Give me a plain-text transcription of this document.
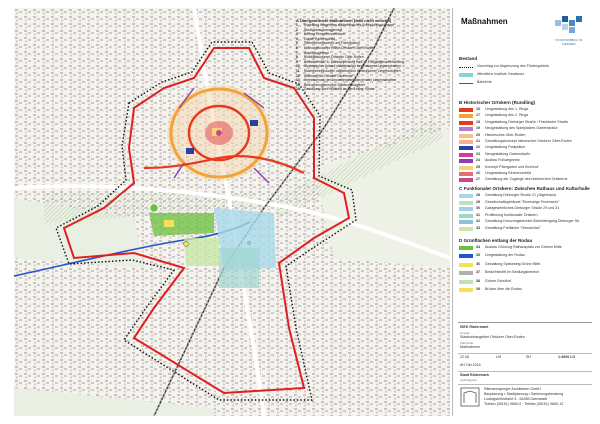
A Übergeordnete Maßnahmen (falls nicht verortet)
1 Erstellung integriertes städtebauliches Entwicklungskonzept
2 Stadtumbaumanagement
3 Beitrag Kompetenzzentrum
4 Lokale Partnerschaft
5 Öffentlichkeitsarbeit und Partizipation
6 Nutzungskonzept Plätze Ortskern Ober-Roden
7 Anreizprogramm
8 Mobilitätskonzept Ortskern Ober-Roden
9 Bedarfsermittl. u. Standortprüfung Rad- u. Fußgängerunterführung
10 Strategischer Ankauf städtebaulich bedeutsamer Liegenschaften
11 Machbarkeitsstudien städtebaulich bedeutsamer Liegenschaften
12 Stärkung der Lokalen Ökonomie
13 Verbesserung der Umweltergebnisse privater Liegenschaften
14 Beleuchtungskonzept Stadtumbaugebiet
15 Gestaltung der Freifläche an der Evang. Kirche
Maßnahmen
STADTUMBAU IN HESSEN
Bestand
Vorschlag zur Abgrenzung des Fördergebiets
öffentliche Institute Gewässer
Bahnlinie
B Historischer Ortskern (Rundling)
16 Umgestaltung des 1. Rings
17 Umgestaltung des 2. Rings
18 Umgestaltung Dieburger Straße / Frankfurter Straße
19 Neugestaltung des Spielplatzes Gartenstraße
20 Historisches Ober-Roden
21 Gestaltungskonzept historischer Ortskern Ober-Roden
22 Umgestaltung Parkplätze
23 Neugestaltung Gartenstraße
24 Ausbau Fußwegenetz
25 Konzept Pfarrgarten und Kirchhof
26 Umgestaltung Kirchenumfeld
27 Gestaltung der Zugänge des historischen Ortskerns
C Funktionaler Ortskern: Zwischen Rathaus und Kulturhalle
28 Gestaltung Dieburger Straße 21 (Jägerhaus)
29 Gesellschaftsgebäude "Ehemalige Feuerwehr"
30 Gastgewerbliches Dieburger Straße 29 und 31
31 Profilierung funktionaler Ortskern
32 Gestaltung Kreuzungsbereich Bahnübergang Dieburger Str.
33 Gestaltung Freifläche "Glessbrück"
D Grünflächen entlang der Rodau
34 Ausbau Grünzug Rathausplatz zur Grünen Mitte
35 Umgestaltung der Rodau
36 Gestaltung Spielzweig Grüne Mitte
37 Bedürfnisstift im Siedlungsbereich
38 Grüner Schulhof
39 Brücke über die Rodau
ISEK Rödermark
Projekt
Stadtumbaugebiet Ortskern Ober-Roden
Planinhalt
Maßnahmen
22.08	UH	SH	1:3000 LG
AH Okt 2018
Stadt Rödermark
Auftraggeber
Rittmannsperger Architekten GmbH
Bauplanung • Stadtplanung • Sanierungsberatung
Ludwigshöhstraße 5 - 64285 Darmstadt
Telefon (06151) 9660-0 · Telefax (06151) 9660-12
